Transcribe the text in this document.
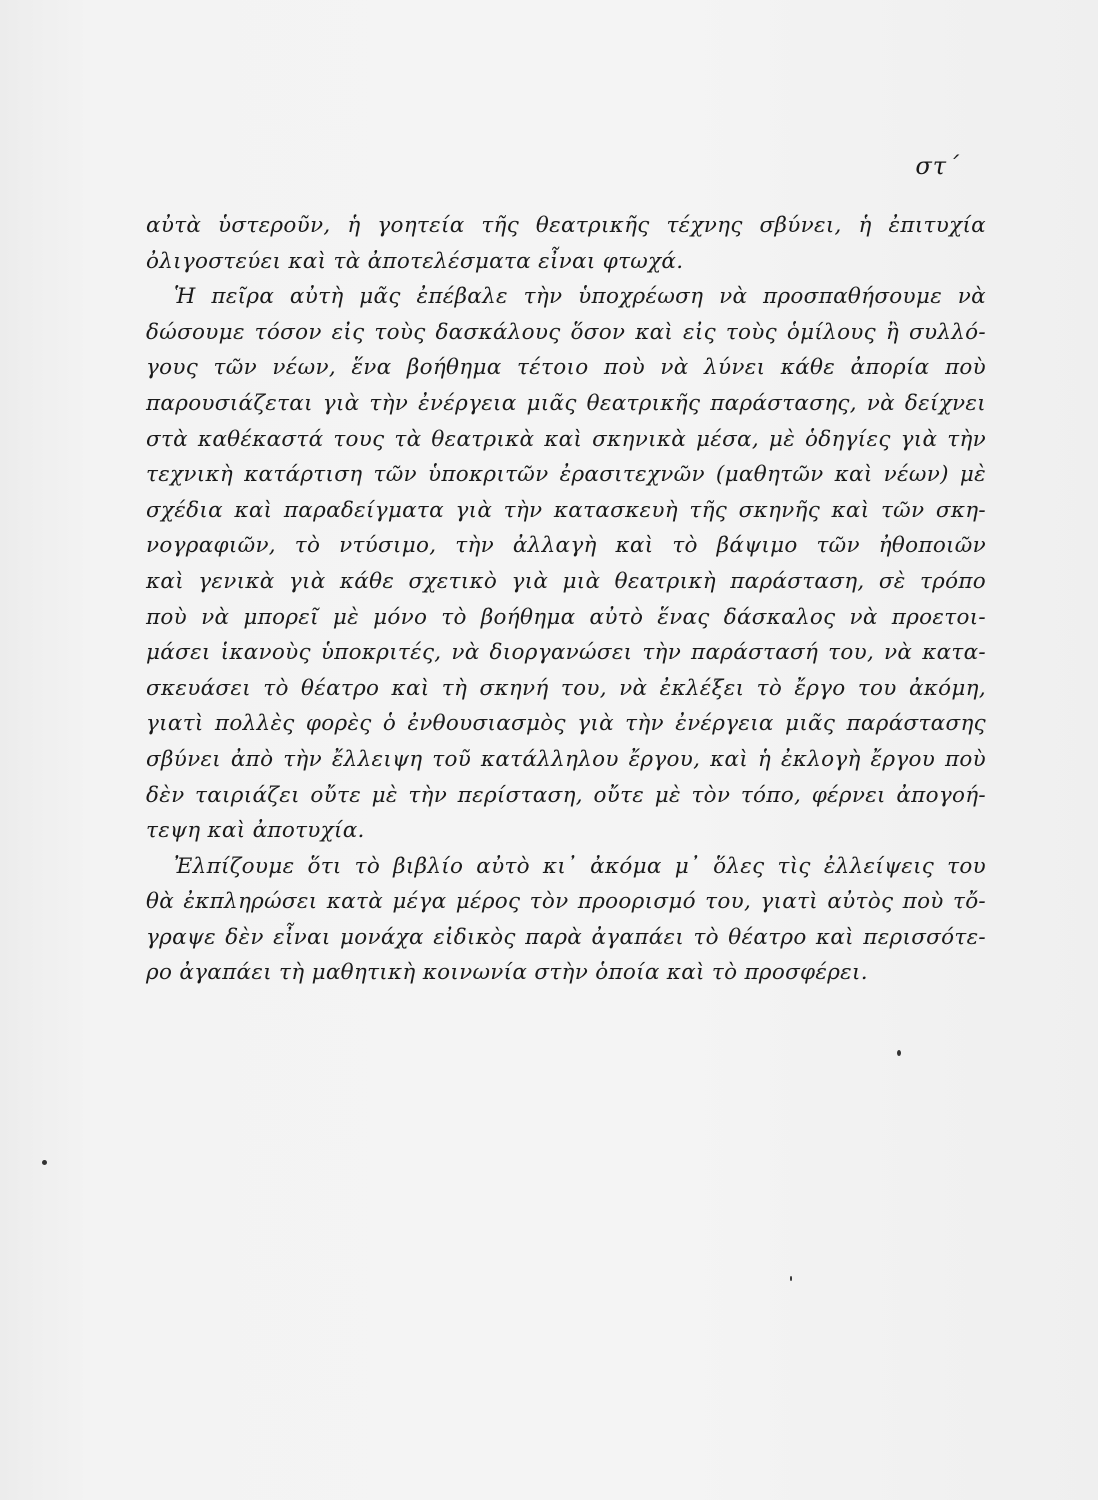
στ΄
αὐτὰ ὑστεροῦν, ἡ γοητεία τῆς θεατρικῆς τέχνης σβύνει, ἡ ἐπιτυχία
ὀλιγοστεύει καὶ τὰ ἀποτελέσματα εἶναι φτωχά.
Ἡ πεῖρα αὐτὴ μᾶς ἐπέβαλε τὴν ὑποχρέωση νὰ προσπαθήσουμε νὰ
δώσουμε τόσον εἰς τοὺς δασκάλους ὅσον καὶ εἰς τοὺς ὁμίλους ἢ συλλό-
γους τῶν νέων, ἕνα βοήθημα τέτοιο ποὺ νὰ λύνει κάθε ἀπορία ποὺ
παρουσιάζεται γιὰ τὴν ἐνέργεια μιᾶς θεατρικῆς παράστασης, νὰ δείχνει
στὰ καθέκαστά τους τὰ θεατρικὰ καὶ σκηνικὰ μέσα, μὲ ὁδηγίες γιὰ τὴν
τεχνικὴ κατάρτιση τῶν ὑποκριτῶν ἐρασιτεχνῶν (μαθητῶν καὶ νέων) μὲ
σχέδια καὶ παραδείγματα γιὰ τὴν κατασκευὴ τῆς σκηνῆς καὶ τῶν σκη-
νογραφιῶν, τὸ ντύσιμο, τὴν ἀλλαγὴ καὶ τὸ βάψιμο τῶν ἠθοποιῶν
καὶ γενικὰ γιὰ κάθε σχετικὸ γιὰ μιὰ θεατρικὴ παράσταση, σὲ τρόπο
ποὺ νὰ μπορεῖ μὲ μόνο τὸ βοήθημα αὐτὸ ἕνας δάσκαλος νὰ προετοι-
μάσει ἱκανοὺς ὑποκριτές, νὰ διοργανώσει τὴν παράστασή του, νὰ κατα-
σκευάσει τὸ θέατρο καὶ τὴ σκηνή του, νὰ ἐκλέξει τὸ ἔργο του ἀκόμη,
γιατὶ πολλὲς φορὲς ὁ ἐνθουσιασμὸς γιὰ τὴν ἐνέργεια μιᾶς παράστασης
σβύνει ἀπὸ τὴν ἔλλειψη τοῦ κατάλληλου ἔργου, καὶ ἡ ἐκλογὴ ἔργου ποὺ
δὲν ταιριάζει οὔτε μὲ τὴν περίσταση, οὔτε μὲ τὸν τόπο, φέρνει ἀπογοή-
τεψη καὶ ἀποτυχία.
Ἐλπίζουμε ὅτι τὸ βιβλίο αὐτὸ κι᾽ ἀκόμα μ᾽ ὅλες τὶς ἐλλείψεις του
θὰ ἐκπληρώσει κατὰ μέγα μέρος τὸν προορισμό του, γιατὶ αὐτὸς ποὺ τὄ-
γραψε δὲν εἶναι μονάχα εἰδικὸς παρὰ ἀγαπάει τὸ θέατρο καὶ περισσότε-
ρο ἀγαπάει τὴ μαθητικὴ κοινωνία στὴν ὁποία καὶ τὸ προσφέρει.
